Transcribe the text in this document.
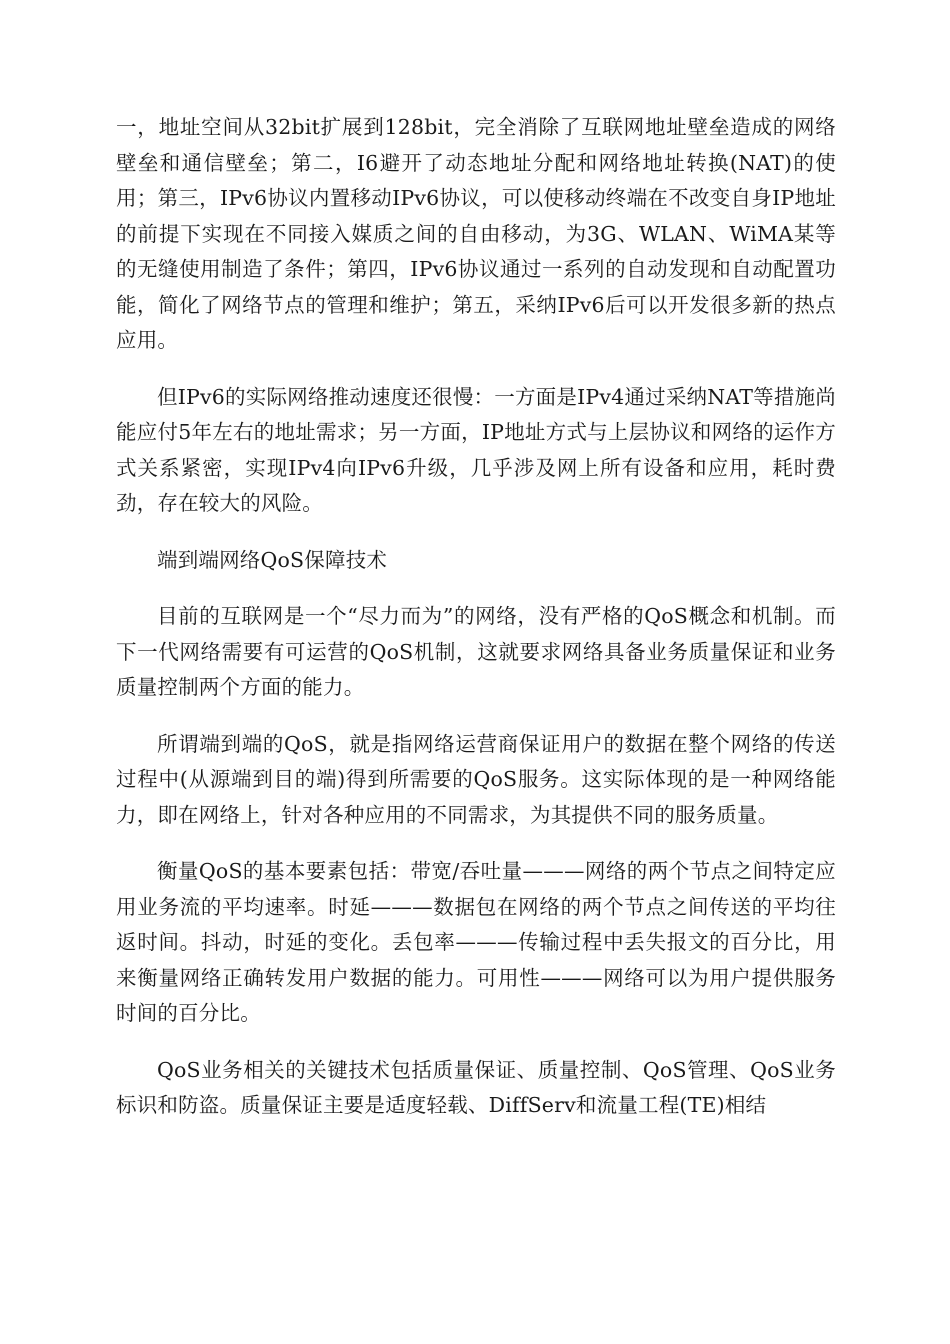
一，地址空间从32bit扩展到128bit，完全消除了互联网地址壁垒造成的网络壁垒和通信壁垒；第二，I6避开了动态地址分配和网络地址转换(NAT)的使用；第三，IPv6协议内置移动IPv6协议，可以使移动终端在不改变自身IP地址的前提下实现在不同接入媒质之间的自由移动，为3G、WLAN、WiMA某等的无缝使用制造了条件；第四，IPv6协议通过一系列的自动发现和自动配置功能，简化了网络节点的管理和维护；第五，采纳IPv6后可以开发很多新的热点应用。

但IPv6的实际网络推动速度还很慢：一方面是IPv4通过采纳NAT等措施尚能应付5年左右的地址需求；另一方面，IP地址方式与上层协议和网络的运作方式关系紧密，实现IPv4向IPv6升级，几乎涉及网上所有设备和应用，耗时费劲，存在较大的风险。

端到端网络QoS保障技术

目前的互联网是一个“尽力而为”的网络，没有严格的QoS概念和机制。而下一代网络需要有可运营的QoS机制，这就要求网络具备业务质量保证和业务质量控制两个方面的能力。

所谓端到端的QoS，就是指网络运营商保证用户的数据在整个网络的传送过程中(从源端到目的端)得到所需要的QoS服务。这实际体现的是一种网络能力，即在网络上，针对各种应用的不同需求，为其提供不同的服务质量。

衡量QoS的基本要素包括：带宽/吞吐量———网络的两个节点之间特定应用业务流的平均速率。时延———数据包在网络的两个节点之间传送的平均往返时间。抖动，时延的变化。丢包率———传输过程中丢失报文的百分比，用来衡量网络正确转发用户数据的能力。可用性———网络可以为用户提供服务时间的百分比。

QoS业务相关的关键技术包括质量保证、质量控制、QoS管理、QoS业务标识和防盗。质量保证主要是适度轻载、DiffServ和流量工程(TE)相结
